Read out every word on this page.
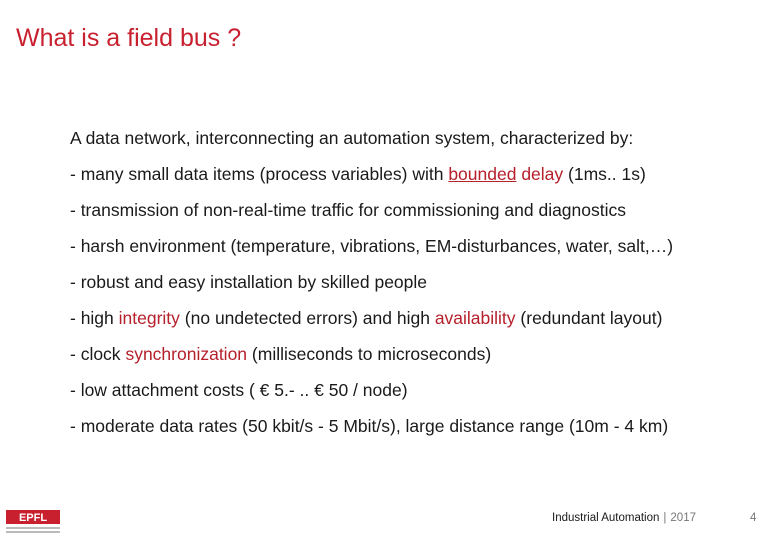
What is a field bus ?
A data network, interconnecting an automation system, characterized by:
- many small data items (process variables) with bounded delay (1ms.. 1s)
- transmission of non-real-time traffic for commissioning and diagnostics
- harsh environment (temperature, vibrations, EM-disturbances, water, salt,…)
- robust and easy installation by skilled people
- high integrity (no undetected errors) and high availability (redundant layout)
- clock synchronization (milliseconds to microseconds)
- low attachment costs ( € 5.- .. € 50 / node)
- moderate data rates (50 kbit/s - 5 Mbit/s), large distance range (10m - 4 km)
EPFL	Industrial Automation | 2017	4
